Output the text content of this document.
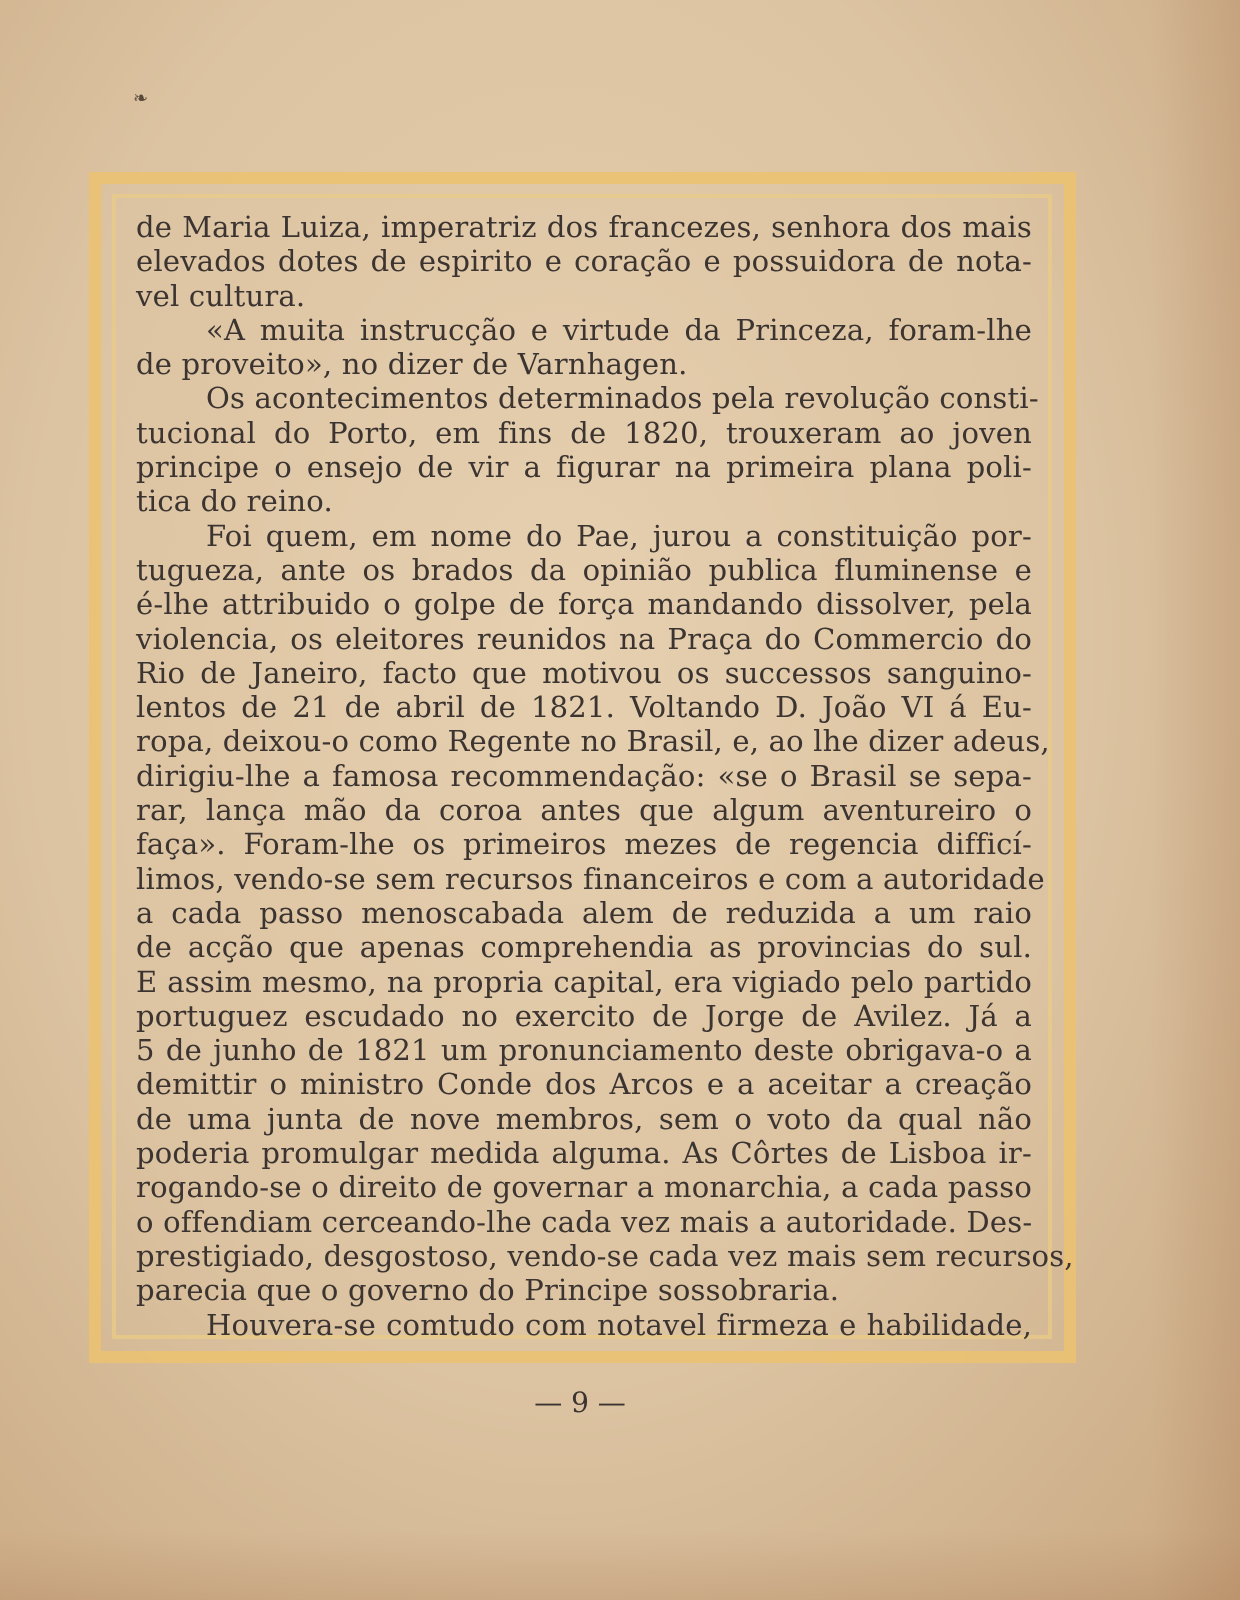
❧
de Maria Luiza, imperatriz dos francezes, senhora dos mais
elevados dotes de espirito e coração e possuidora de nota-
vel cultura.
«A muita instrucção e virtude da Princeza, foram-lhe
de proveito», no dizer de Varnhagen.
Os acontecimentos determinados pela revolução consti-
tucional do Porto, em fins de 1820, trouxeram ao joven
principe o ensejo de vir a figurar na primeira plana poli-
tica do reino.
Foi quem, em nome do Pae, jurou a constituição por-
tugueza, ante os brados da opinião publica fluminense e
é-lhe attribuido o golpe de força mandando dissolver, pela
violencia, os eleitores reunidos na Praça do Commercio do
Rio de Janeiro, facto que motivou os successos sanguino-
lentos de 21 de abril de 1821. Voltando D. João VI á Eu-
ropa, deixou-o como Regente no Brasil, e, ao lhe dizer adeus,
dirigiu-lhe a famosa recommendação: «se o Brasil se sepa-
rar, lança mão da coroa antes que algum aventureiro o
faça». Foram-lhe os primeiros mezes de regencia difficí-
limos, vendo-se sem recursos financeiros e com a autoridade
a cada passo menoscabada alem de reduzida a um raio
de acção que apenas comprehendia as provincias do sul.
E assim mesmo, na propria capital, era vigiado pelo partido
portuguez escudado no exercito de Jorge de Avilez. Já a
5 de junho de 1821 um pronunciamento deste obrigava-o a
demittir o ministro Conde dos Arcos e a aceitar a creação
de uma junta de nove membros, sem o voto da qual não
poderia promulgar medida alguma. As Côrtes de Lisboa ir-
rogando-se o direito de governar a monarchia, a cada passo
o offendiam cerceando-lhe cada vez mais a autoridade. Des-
prestigiado, desgostoso, vendo-se cada vez mais sem recursos,
parecia que o governo do Principe sossobraria.
Houvera-se comtudo com notavel firmeza e habilidade,
— 9 —
